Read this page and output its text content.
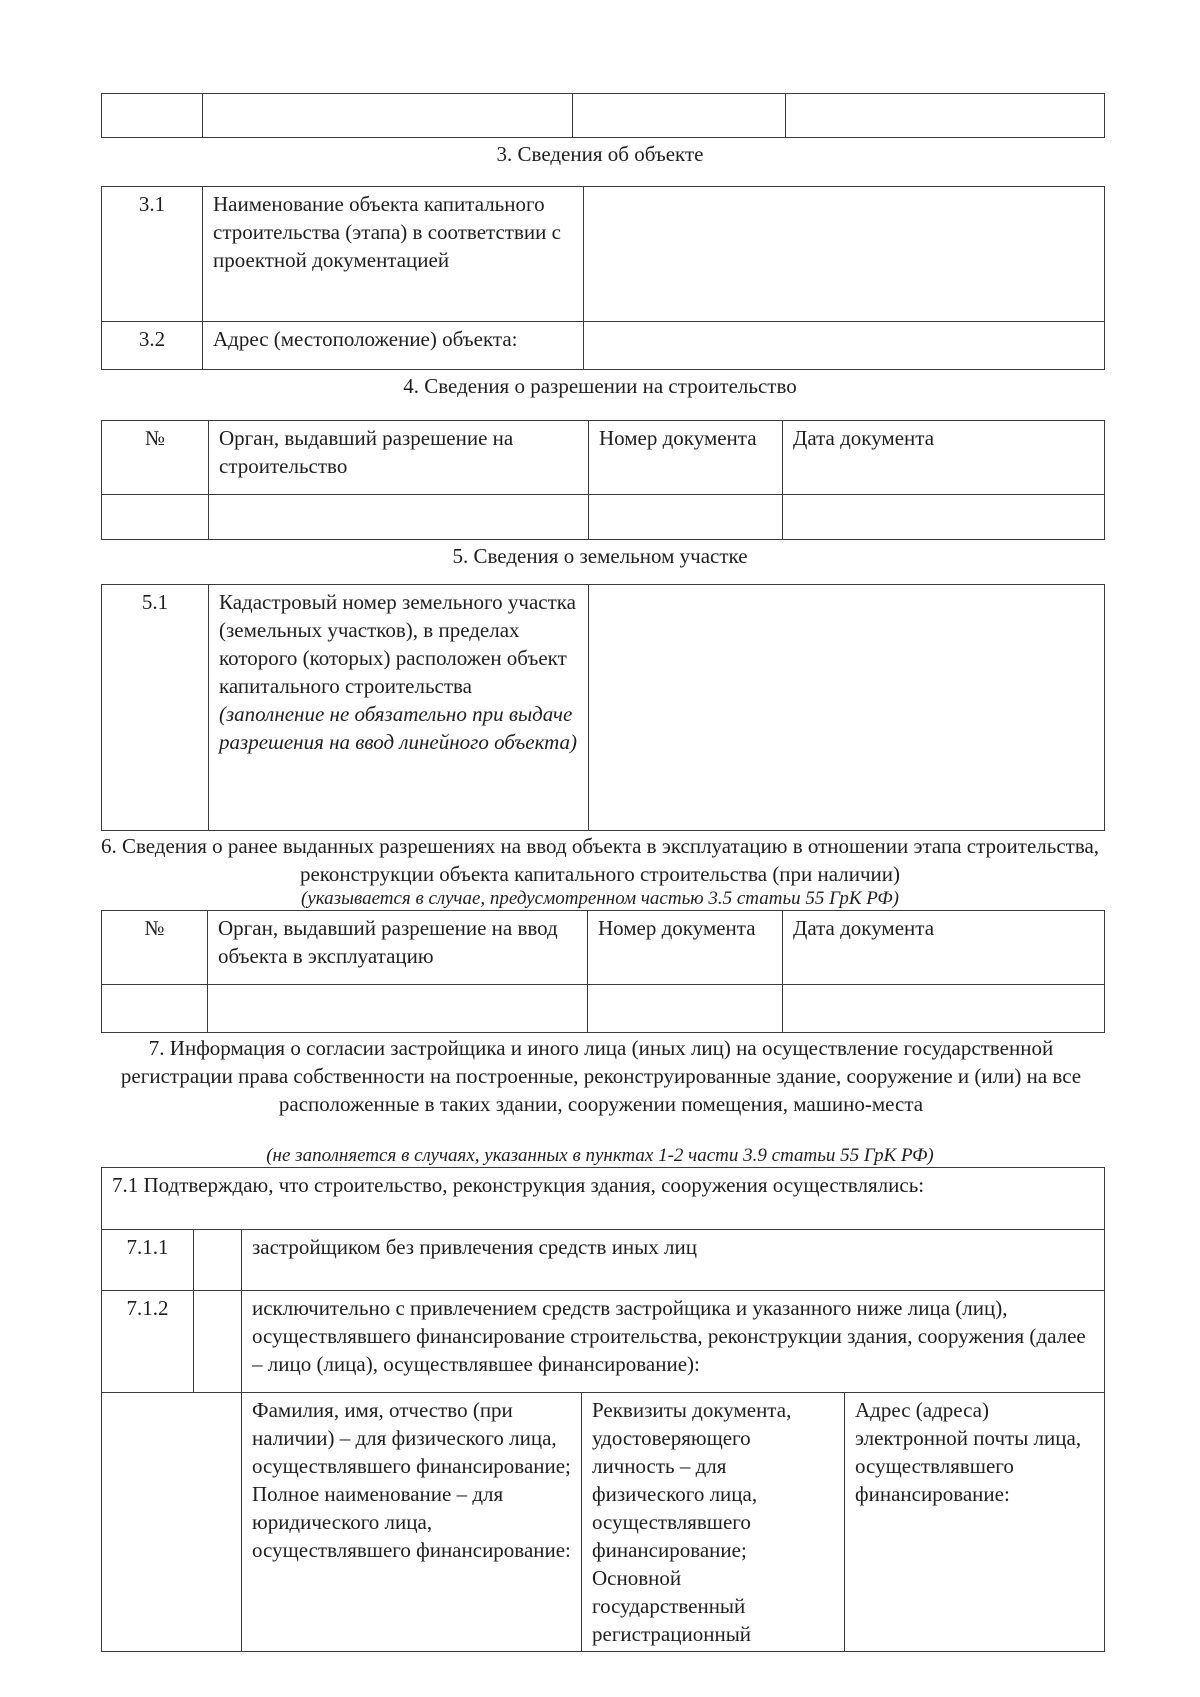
3. Сведения об объекте
3.1	Наименование объекта капитального строительства (этапа) в соответствии с проектной документацией	
3.2	Адрес (местоположение) объекта:	
4. Сведения о разрешении на строительство
№	Орган, выдавший разрешение на строительство	Номер документа	Дата документа

5. Сведения о земельном участке
5.1	Кадастровый номер земельного участка (земельных участков), в пределах которого (которых) расположен объект капитального строительства (заполнение не обязательно при выдаче разрешения на ввод линейного объекта)	
6. Сведения о ранее выданных разрешениях на ввод объекта в эксплуатацию в отношении этапа строительства, реконструкции объекта капитального строительства (при наличии)
(указывается в случае, предусмотренном частью 3.5 статьи 55 ГрК РФ)
№	Орган, выдавший разрешение на ввод объекта в эксплуатацию	Номер документа	Дата документа

7. Информация о согласии застройщика и иного лица (иных лиц) на осуществление государственной регистрации права собственности на построенные, реконструированные здание, сооружение и (или) на все расположенные в таких здании, сооружении помещения, машино-места
(не заполняется в случаях, указанных в пунктах 1-2 части 3.9 статьи 55 ГрК РФ)
7.1 Подтверждаю, что строительство, реконструкция здания, сооружения осуществлялись:				
7.1.1		застройщиком без привлечения средств иных лиц		
7.1.2		исключительно с привлечением средств застройщика и указанного ниже лица (лиц), осуществлявшего финансирование строительства, реконструкции здания, сооружения (далее – лицо (лица), осуществлявшее финансирование):		
		Фамилия, имя, отчество (при наличии) – для физического лица, осуществлявшего финансирование; Полное наименование – для юридического лица, осуществлявшего финансирование:	Реквизиты документа, удостоверяющего личность – для физического лица, осуществлявшего финансирование; Основной государственный регистрационный	Адрес (адреса) электронной почты лица, осуществлявшего финансирование:
